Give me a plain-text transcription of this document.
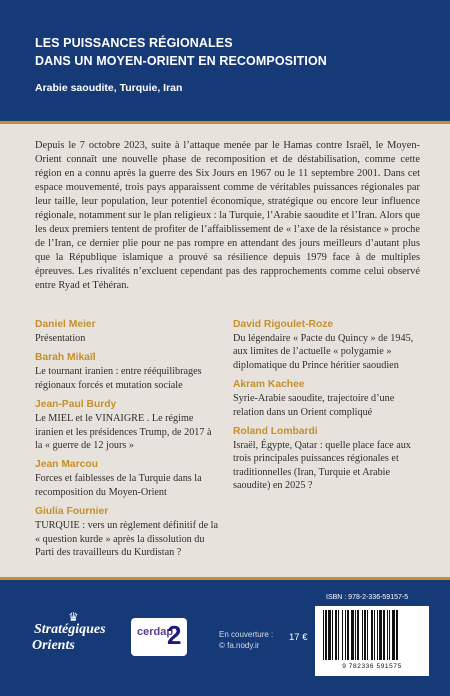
LES PUISSANCES RÉGIONALES
DANS UN MOYEN-ORIENT EN RECOMPOSITION
Arabie saoudite, Turquie, Iran
Depuis le 7 octobre 2023, suite à l’attaque menée par le Hamas contre Israël, le Moyen-Orient connaît une nouvelle phase de recomposition et de déstabilisation, comme cette région en a connu après la guerre des Six Jours en 1967 ou le 11 septembre 2001. Dans cet espace mouvementé, trois pays apparaissent comme de véritables puissances régionales par leur taille, leur population, leur potentiel économique, stratégique ou encore leur influence régionale, notamment sur le plan religieux : la Turquie, l’Arabie saoudite et l’Iran. Alors que les deux premiers tentent de profiter de l’affaiblissement de « l’axe de la résistance » proche de l’Iran, ce dernier plie pour ne pas rompre en attendant des jours meilleurs d’autant plus que la République islamique a prouvé sa résilience depuis 1979 face à de multiples épreuves. Les rivalités n’excluent cependant pas des rapprochements comme celui observé entre Ryad et Téhéran.
Daniel Meier
Présentation
Barah Mikaïl
Le tournant iranien : entre rééquilibrages régionaux forcés et mutation sociale
Jean-Paul Burdy
Le MIEL et le VINAIGRE . Le régime iranien et les présidences Trump, de 2017 à la « guerre de 12 jours »
Jean Marcou
Forces et faiblesses de la Turquie dans la recomposition du Moyen-Orient
Giulia Fournier
TURQUIE : vers un règlement définitif de la « question kurde » après la dissolution du Parti des travailleurs du Kurdistan ?
David Rigoulet-Roze
Du légendaire « Pacte du Quincy » de 1945, aux limites de l’actuelle « polygamie » diplomatique du Prince héritier saoudien
Akram Kachee
Syrie-Arabie saoudite, trajectoire d’une relation dans un Orient compliqué
Roland Lombardi
Israël, Égypte, Qatar : quelle place face aux trois principales puissances régionales et traditionnelles (Iran, Turquie et Arabie saoudite) en 2025 ?
♛
Stratégiques
Orients
cerdap
2	En couverture :
© fa.nody.ir
17 €
ISBN : 978-2-336-59157-5
9 782336 591575
